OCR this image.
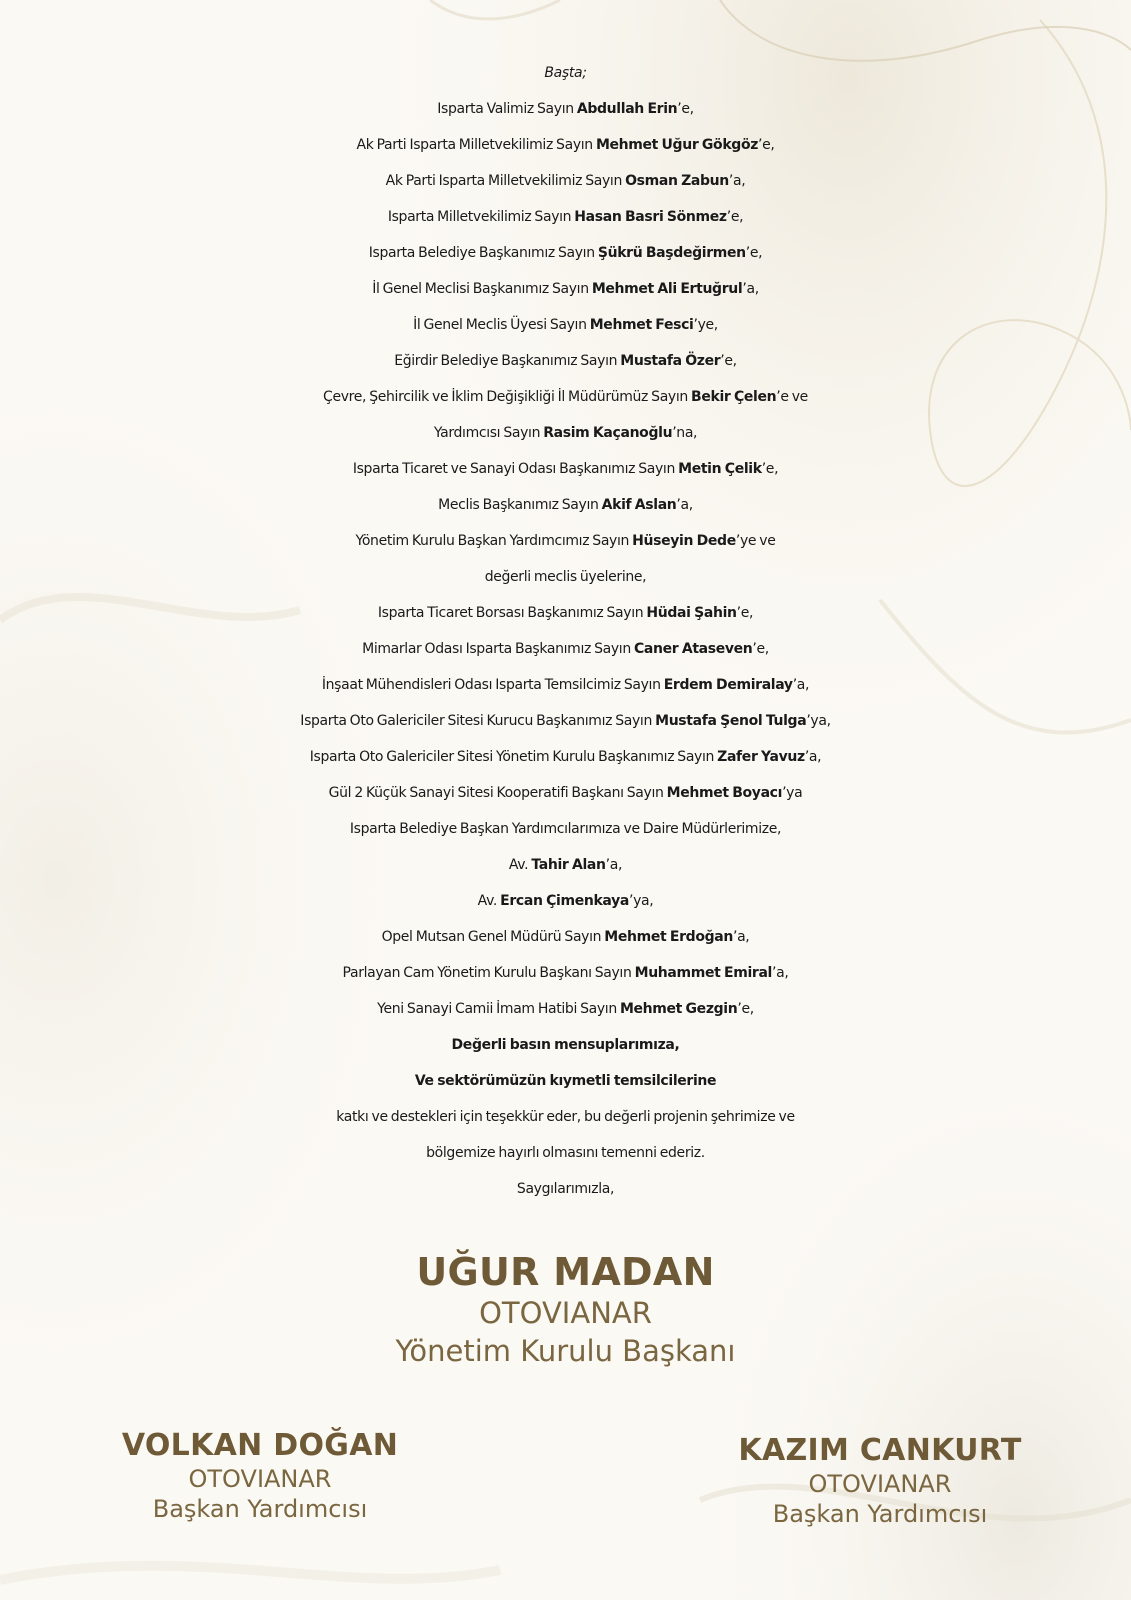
Başta;
Isparta Valimiz Sayın Abdullah Erin’e,
Ak Parti Isparta Milletvekilimiz Sayın Mehmet Uğur Gökgöz’e,
Ak Parti Isparta Milletvekilimiz Sayın Osman Zabun’a,
Isparta Milletvekilimiz Sayın Hasan Basri Sönmez’e,
Isparta Belediye Başkanımız Sayın Şükrü Başdeğirmen’e,
İl Genel Meclisi Başkanımız Sayın Mehmet Ali Ertuğrul’a,
İl Genel Meclis Üyesi Sayın Mehmet Fesci’ye,
Eğirdir Belediye Başkanımız Sayın Mustafa Özer’e,
Çevre, Şehircilik ve İklim Değişikliği İl Müdürümüz Sayın Bekir Çelen’e ve
Yardımcısı Sayın Rasim Kaçanoğlu’na,
Isparta Ticaret ve Sanayi Odası Başkanımız Sayın Metin Çelik’e,
Meclis Başkanımız Sayın Akif Aslan’a,
Yönetim Kurulu Başkan Yardımcımız Sayın Hüseyin Dede’ye ve
değerli meclis üyelerine,
Isparta Ticaret Borsası Başkanımız Sayın Hüdai Şahin’e,
Mimarlar Odası Isparta Başkanımız Sayın Caner Ataseven’e,
İnşaat Mühendisleri Odası Isparta Temsilcimiz Sayın Erdem Demiralay’a,
Isparta Oto Galericiler Sitesi Kurucu Başkanımız Sayın Mustafa Şenol Tulga’ya,
Isparta Oto Galericiler Sitesi Yönetim Kurulu Başkanımız Sayın Zafer Yavuz’a,
Gül 2 Küçük Sanayi Sitesi Kooperatifi Başkanı Sayın Mehmet Boyacı’ya
Isparta Belediye Başkan Yardımcılarımıza ve Daire Müdürlerimize,
Av. Tahir Alan’a,
Av. Ercan Çimenkaya’ya,
Opel Mutsan Genel Müdürü Sayın Mehmet Erdoğan’a,
Parlayan Cam Yönetim Kurulu Başkanı Sayın Muhammet Emiral’a,
Yeni Sanayi Camii İmam Hatibi Sayın Mehmet Gezgin’e,
Değerli basın mensuplarımıza,
Ve sektörümüzün kıymetli temsilcilerine
katkı ve destekleri için teşekkür eder, bu değerli projenin şehrimize ve
bölgemize hayırlı olmasını temenni ederiz.
Saygılarımızla,
UĞUR MADAN
OTOVIANAR
Yönetim Kurulu Başkanı
VOLKAN DOĞAN
OTOVIANAR
Başkan Yardımcısı
KAZIM CANKURT
OTOVIANAR
Başkan Yardımcısı
